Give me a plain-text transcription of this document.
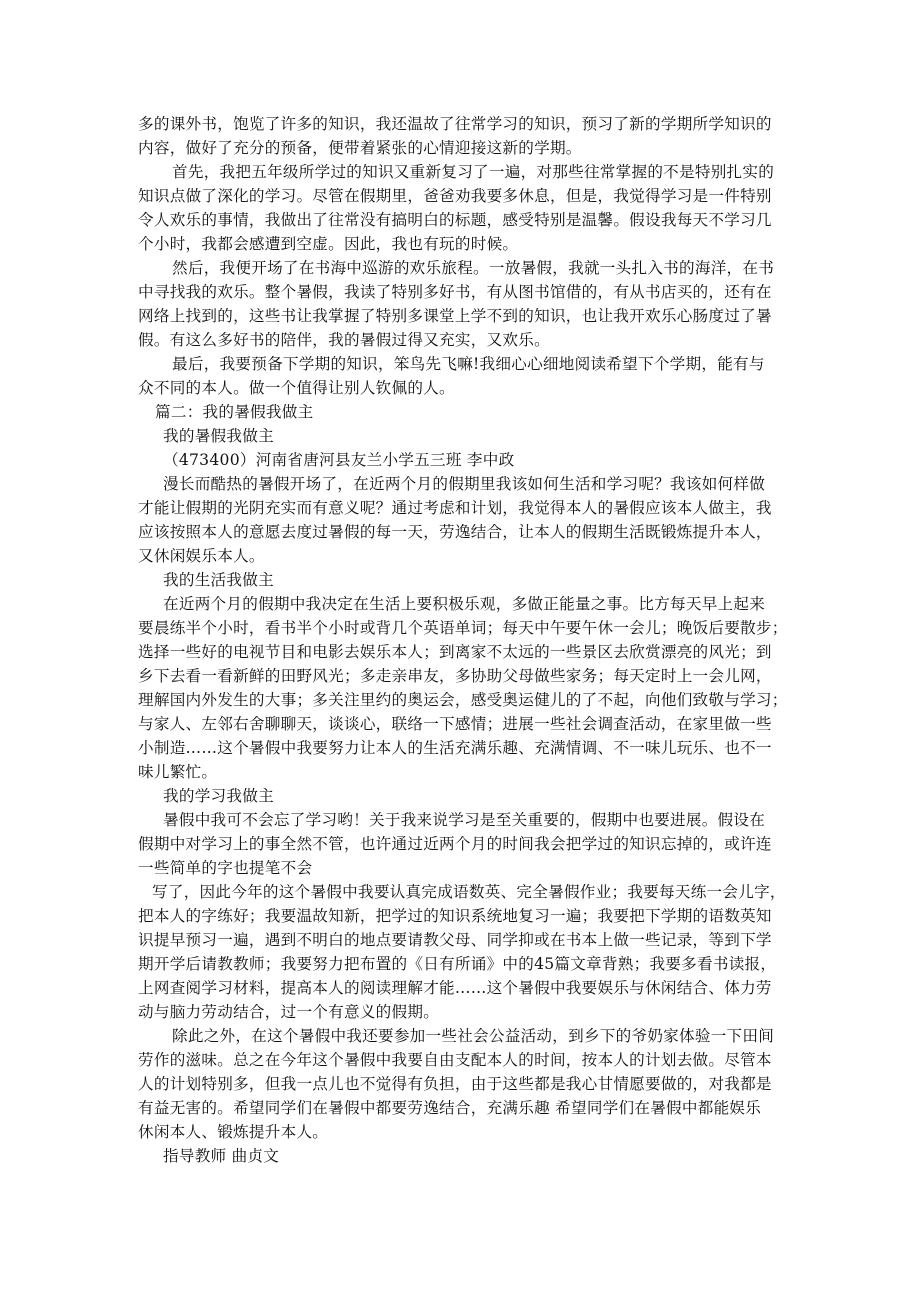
多的课外书，饱览了许多的知识，我还温故了往常学习的知识，预习了新的学期所学知识的
内容，做好了充分的预备，便带着紧张的心情迎接这新的学期。
首先，我把五年级所学过的知识又重新复习了一遍，对那些往常掌握的不是特别扎实的
知识点做了深化的学习。尽管在假期里，爸爸劝我要多休息，但是，我觉得学习是一件特别
令人欢乐的事情，我做出了往常没有搞明白的标题，感受特别是温馨。假设我每天不学习几
个小时，我都会感遭到空虚。因此，我也有玩的时候。
然后，我便开场了在书海中巡游的欢乐旅程。一放暑假，我就一头扎入书的海洋，在书
中寻找我的欢乐。整个暑假，我读了特别多好书，有从图书馆借的，有从书店买的，还有在
网络上找到的，这些书让我掌握了特别多课堂上学不到的知识，也让我开欢乐心肠度过了暑
假。有这么多好书的陪伴，我的暑假过得又充实，又欢乐。
最后，我要预备下学期的知识，笨鸟先飞嘛!我细心心细地阅读希望下个学期，能有与
众不同的本人。做一个值得让别人钦佩的人。
篇二：我的暑假我做主
我的暑假我做主
（473400）河南省唐河县友兰小学五三班 李中政
漫长而酷热的暑假开场了，在近两个月的假期里我该如何生活和学习呢？我该如何样做
才能让假期的光阴充实而有意义呢？通过考虑和计划，我觉得本人的暑假应该本人做主，我
应该按照本人的意愿去度过暑假的每一天，劳逸结合，让本人的假期生活既锻炼提升本人，
又休闲娱乐本人。
我的生活我做主
在近两个月的假期中我决定在生活上要积极乐观，多做正能量之事。比方每天早上起来
要晨练半个小时，看书半个小时或背几个英语单词；每天中午要午休一会儿；晚饭后要散步；
选择一些好的电视节目和电影去娱乐本人；到离家不太远的一些景区去欣赏漂亮的风光；到
乡下去看一看新鲜的田野风光；多走亲串友，多协助父母做些家务；每天定时上一会儿网，
理解国内外发生的大事；多关注里约的奥运会，感受奥运健儿的了不起，向他们致敬与学习；
与家人、左邻右舍聊聊天，谈谈心，联络一下感情；进展一些社会调查活动，在家里做一些
小制造……这个暑假中我要努力让本人的生活充满乐趣、充满情调、不一味儿玩乐、也不一
味儿繁忙。
我的学习我做主
暑假中我可不会忘了学习哟！关于我来说学习是至关重要的，假期中也要进展。假设在
假期中对学习上的事全然不管，也许通过近两个月的时间我会把学过的知识忘掉的，或许连
一些简单的字也提笔不会
写了，因此今年的这个暑假中我要认真完成语数英、完全暑假作业；我要每天练一会儿字，
把本人的字练好；我要温故知新，把学过的知识系统地复习一遍；我要把下学期的语数英知
识提早预习一遍，遇到不明白的地点要请教父母、同学抑或在书本上做一些记录，等到下学
期开学后请教教师；我要努力把布置的《日有所诵》中的45篇文章背熟；我要多看书读报，
上网查阅学习材料，提高本人的阅读理解才能……这个暑假中我要娱乐与休闲结合、体力劳
动与脑力劳动结合，过一个有意义的假期。
除此之外，在这个暑假中我还要参加一些社会公益活动，到乡下的爷奶家体验一下田间
劳作的滋味。总之在今年这个暑假中我要自由支配本人的时间，按本人的计划去做。尽管本
人的计划特别多，但我一点儿也不觉得有负担，由于这些都是我心甘情愿要做的，对我都是
有益无害的。希望同学们在暑假中都要劳逸结合，充满乐趣 希望同学们在暑假中都能娱乐
休闲本人、锻炼提升本人。
指导教师 曲贞文
